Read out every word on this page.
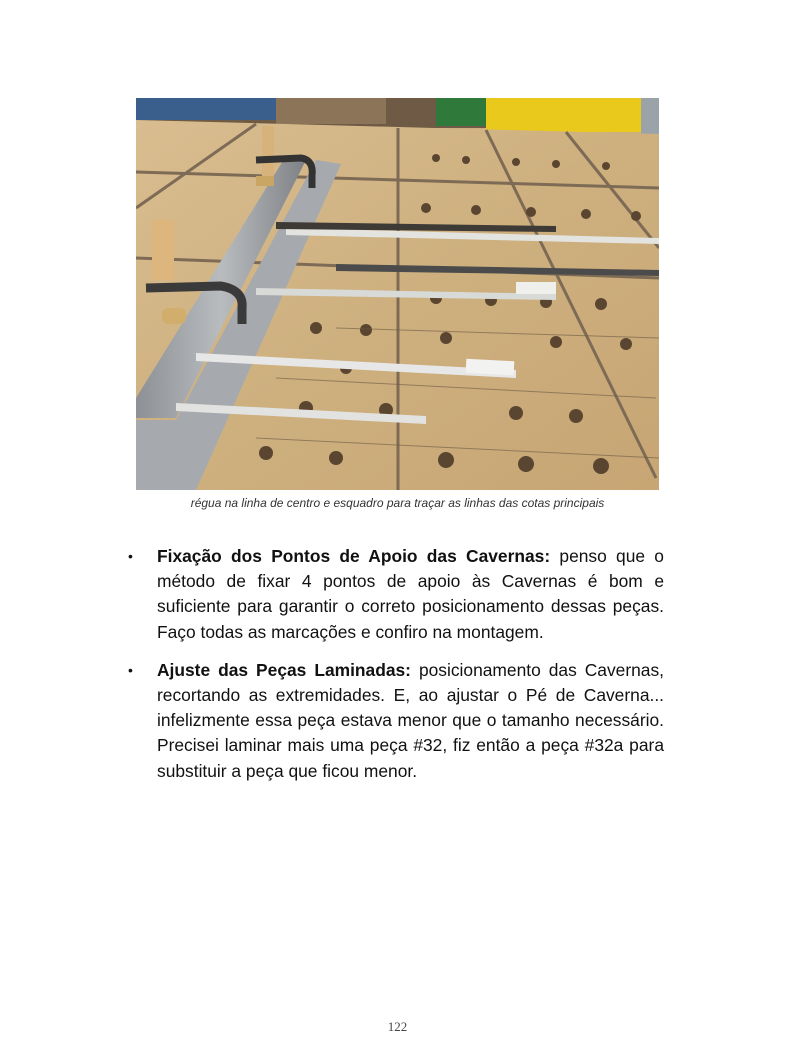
régua na linha de centro e esquadro para traçar as linhas das cotas principais
• Fixação dos Pontos de Apoio das Cavernas: penso que o método de fixar 4 pontos de apoio às Cavernas é bom e suficiente para garantir o correto posicionamento dessas peças. Faço todas as marcações e confiro na montagem.
• Ajuste das Peças Laminadas: posicionamento das Cavernas, recortando as extremidades. E, ao ajustar o Pé de Caverna... infelizmente essa peça estava menor que o tamanho necessário. Precisei laminar mais uma peça #32, fiz então a peça #32a para substituir a peça que ficou menor.
122
